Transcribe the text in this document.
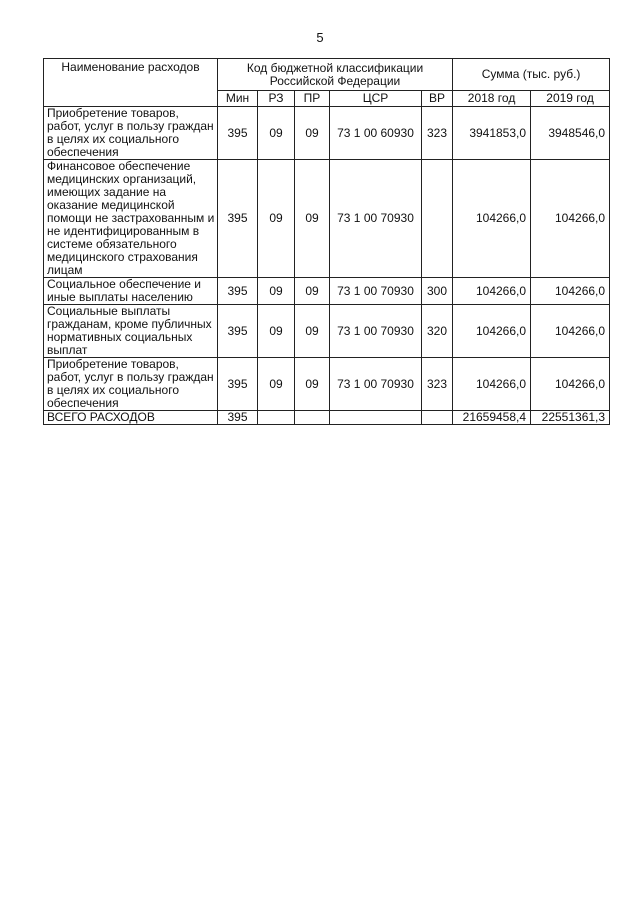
5
Наименование расходов	Код бюджетной классификации Российской Федерации					Сумма (тыс. руб.)	
	Мин	РЗ	ПР	ЦСР	ВР	2018 год	2019 год
Приобретение товаров, работ, услуг в пользу граждан в целях их социального обеспечения	395	09	09	73 1 00 60930	323	3941853,0	3948546,0
Финансовое обеспечение медицинских организаций, имеющих задание на оказание медицинской помощи не застрахованным и не идентифицированным в системе обязательного медицинского страхования лицам	395	09	09	73 1 00 70930		104266,0	104266,0
Социальное обеспечение и иные выплаты населению	395	09	09	73 1 00 70930	300	104266,0	104266,0
Социальные выплаты гражданам, кроме публичных нормативных социальных выплат	395	09	09	73 1 00 70930	320	104266,0	104266,0
Приобретение товаров, работ, услуг в пользу граждан в целях их социального обеспечения	395	09	09	73 1 00 70930	323	104266,0	104266,0
ВСЕГО РАСХОДОВ	395					21659458,4	22551361,3
